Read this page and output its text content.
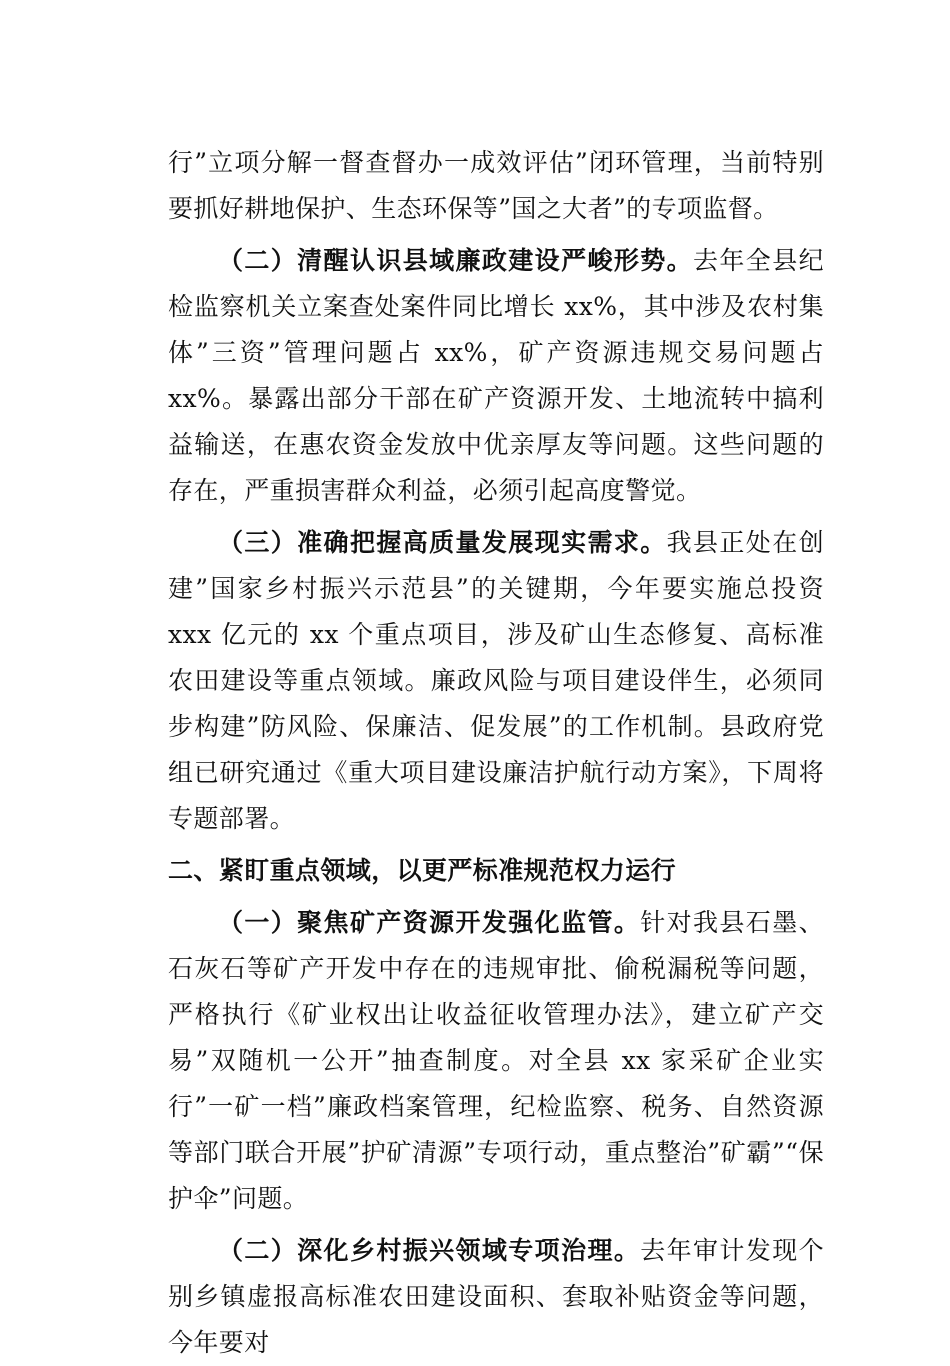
行”立项分解一督查督办一成效评估”闭环管理，当前特别要抓好耕地保护、生态环保等”国之大者”的专项监督。

（二）清醒认识县域廉政建设严峻形势。去年全县纪检监察机关立案查处案件同比增长 xx%，其中涉及农村集体”三资”管理问题占 xx%，矿产资源违规交易问题占 xx%。暴露出部分干部在矿产资源开发、土地流转中搞利益输送，在惠农资金发放中优亲厚友等问题。这些问题的存在，严重损害群众利益，必须引起高度警觉。

（三）准确把握高质量发展现实需求。我县正处在创建”国家乡村振兴示范县”的关键期，今年要实施总投资 xxx 亿元的 xx 个重点项目，涉及矿山生态修复、高标准农田建设等重点领域。廉政风险与项目建设伴生，必须同步构建”防风险、保廉洁、促发展”的工作机制。县政府党组已研究通过《重大项目建设廉洁护航行动方案》，下周将专题部署。

二、紧盯重点领域，以更严标准规范权力运行

（一）聚焦矿产资源开发强化监管。针对我县石墨、石灰石等矿产开发中存在的违规审批、偷税漏税等问题，严格执行《矿业权出让收益征收管理办法》，建立矿产交易”双随机一公开”抽查制度。对全县 xx 家采矿企业实行”一矿一档”廉政档案管理，纪检监察、税务、自然资源等部门联合开展”护矿清源”专项行动，重点整治”矿霸”“保护伞”问题。

（二）深化乡村振兴领域专项治理。去年审计发现个别乡镇虚报高标准农田建设面积、套取补贴资金等问题，今年要对
